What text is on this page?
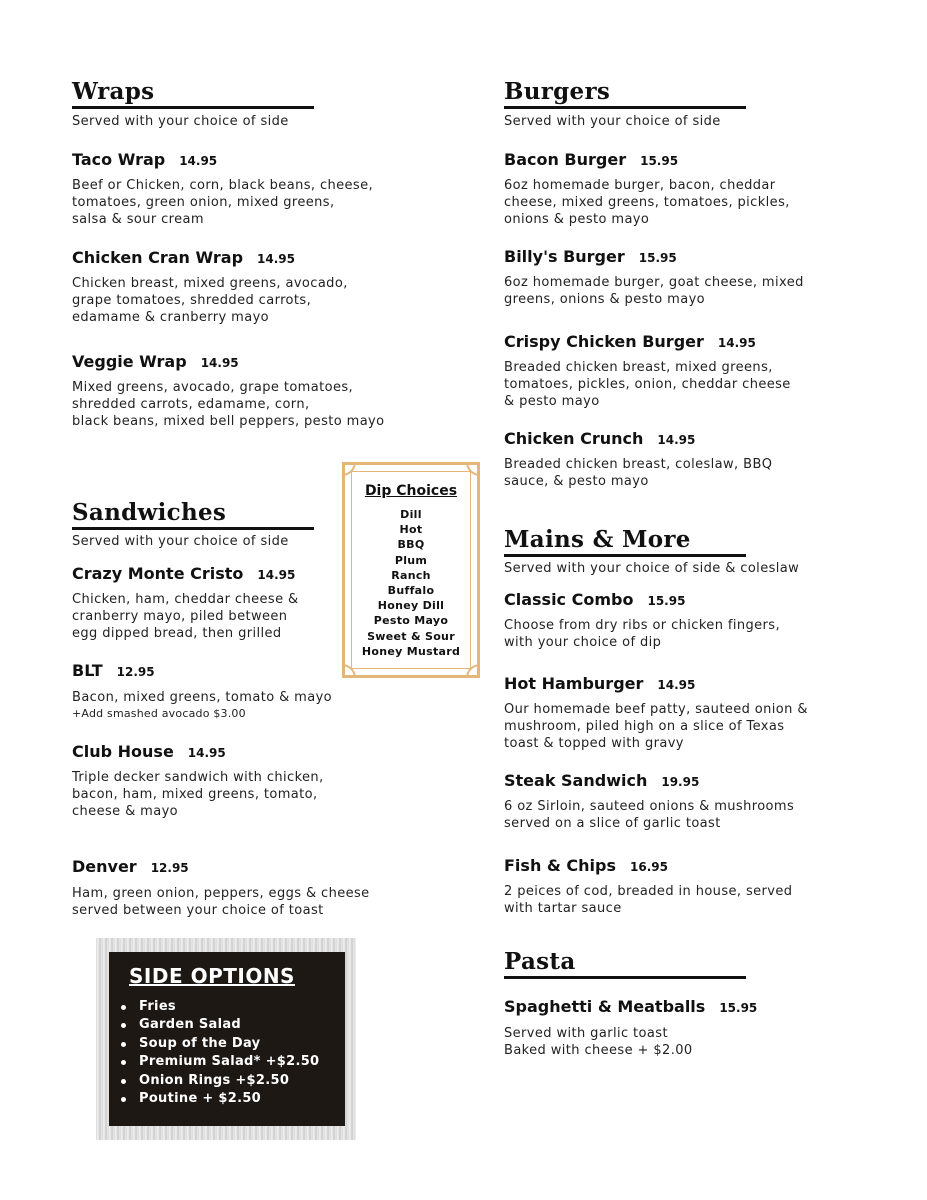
Wraps
Served with your choice of side
Taco Wrap 14.95
Beef or Chicken, corn, black beans, cheese,
tomatoes, green onion, mixed greens,
salsa & sour cream
Chicken Cran Wrap 14.95
Chicken breast, mixed greens, avocado,
grape tomatoes, shredded carrots,
edamame & cranberry mayo
Veggie Wrap 14.95
Mixed greens, avocado, grape tomatoes,
shredded carrots, edamame, corn,
black beans, mixed bell peppers, pesto mayo
Sandwiches
Served with your choice of side
Crazy Monte Cristo 14.95
Chicken, ham, cheddar cheese &
cranberry mayo, piled between
egg dipped bread, then grilled
BLT 12.95
Bacon, mixed greens, tomato & mayo
+Add smashed avocado $3.00
Club House 14.95
Triple decker sandwich with chicken,
bacon, ham, mixed greens, tomato,
cheese & mayo
Denver 12.95
Ham, green onion, peppers, eggs & cheese
served between your choice of toast
Dip Choices
Dill
Hot
BBQ
Plum
Ranch
Buffalo
Honey Dill
Pesto Mayo
Sweet & Sour
Honey Mustard
SIDE OPTIONS
Fries
Garden Salad
Soup of the Day
Premium Salad* +$2.50
Onion Rings +$2.50
Poutine + $2.50
Burgers
Served with your choice of side
Bacon Burger 15.95
6oz homemade burger, bacon, cheddar
cheese, mixed greens, tomatoes, pickles,
onions & pesto mayo
Billy's Burger 15.95
6oz homemade burger, goat cheese, mixed
greens, onions & pesto mayo
Crispy Chicken Burger 14.95
Breaded chicken breast, mixed greens,
tomatoes, pickles, onion, cheddar cheese
& pesto mayo
Chicken Crunch 14.95
Breaded chicken breast, coleslaw, BBQ
sauce, & pesto mayo
Mains & More
Served with your choice of side & coleslaw
Classic Combo 15.95
Choose from dry ribs or chicken fingers,
with your choice of dip
Hot Hamburger 14.95
Our homemade beef patty, sauteed onion &
mushroom, piled high on a slice of Texas
toast & topped with gravy
Steak Sandwich 19.95
6 oz Sirloin, sauteed onions & mushrooms
served on a slice of garlic toast
Fish & Chips 16.95
2 peices of cod, breaded in house, served
with tartar sauce
Pasta
Spaghetti & Meatballs 15.95
Served with garlic toast
Baked with cheese + $2.00
